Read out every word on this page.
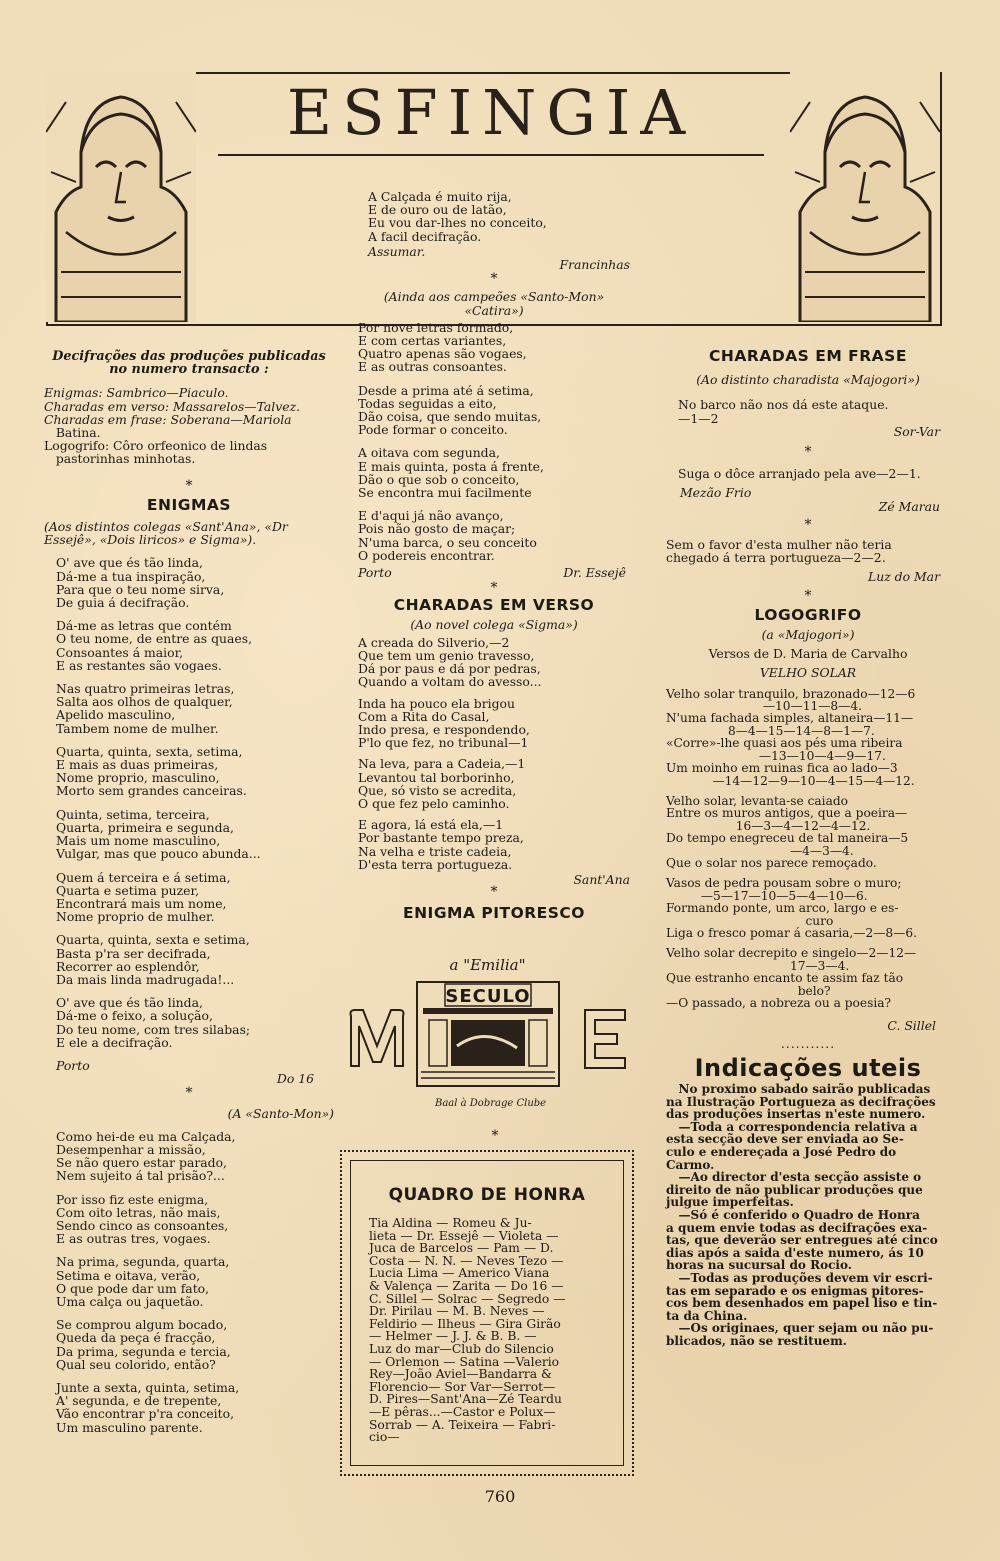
ESFINGIA
Decifrações das produções publicadas
no numero transacto :
Enigmas: Sambrico—Piaculo.
Charadas em verso: Massarelos—Talvez.
Charadas em frase: Soberana—Mariola
Batina.
Logogrifo: Côro orfeonico de lindas
pastorinhas minhotas.
*
ENIGMAS
(Aos distintos colegas «Sant'Ana», «Dr
Essejê», «Dois liricos» e Sigma»).
O' ave que és tão linda,
Dá-me a tua inspiração,
Para que o teu nome sirva,
De guia á decifração.
Dá-me as letras que contém
O teu nome, de entre as quaes,
Consoantes á maior,
E as restantes são vogaes.
Nas quatro primeiras letras,
Salta aos olhos de qualquer,
Apelido masculino,
Tambem nome de mulher.
Quarta, quinta, sexta, setima,
E mais as duas primeiras,
Nome proprio, masculino,
Morto sem grandes canceiras.
Quinta, setima, terceira,
Quarta, primeira e segunda,
Mais um nome masculino,
Vulgar, mas que pouco abunda...
Quem á terceira e á setima,
Quarta e setima puzer,
Encontrará mais um nome,
Nome proprio de mulher.
Quarta, quinta, sexta e setima,
Basta p'ra ser decifrada,
Recorrer ao esplendôr,
Da mais linda madrugada!...
O' ave que és tão linda,
Dá-me o feixo, a solução,
Do teu nome, com tres silabas;
E ele a decifração.
Porto
Do 16
*
(A «Santo-Mon»)
Como hei-de eu ma Calçada,
Desempenhar a missão,
Se não quero estar parado,
Nem sujeito á tal prisão?...
Por isso fiz este enigma,
Com oito letras, não mais,
Sendo cinco as consoantes,
E as outras tres, vogaes.
Na prima, segunda, quarta,
Setima e oitava, verão,
O que pode dar um fato,
Uma calça ou jaquetão.
Se comprou algum bocado,
Queda da peça é fracção,
Da prima, segunda e tercia,
Qual seu colorido, então?
Junte a sexta, quinta, setima,
A' segunda, e de trepente,
Vão encontrar p'ra conceito,
Um masculino parente.
A Calçada é muito rija,
E de ouro ou de latão,
Eu vou dar-lhes no conceito,
A facil decifração.
Assumar.
Francinhas
*
(Ainda aos campeões «Santo-Mon»
«Catira»)
Por nove letras formado,
E com certas variantes,
Quatro apenas são vogaes,
E as outras consoantes.
Desde a prima até á setima,
Todas seguidas a eito,
Dão coisa, que sendo muitas,
Pode formar o conceito.
A oitava com segunda,
E mais quinta, posta á frente,
Dão o que sob o conceito,
Se encontra mui facilmente
E d'aqui já não avanço,
Pois não gosto de maçar;
N'uma barca, o seu conceito
O podereis encontrar.
Porto	Dr. Essejê
*
CHARADAS EM VERSO
(Ao novel colega «Sigma»)
A creada do Silverio,—2
Que tem um genio travesso,
Dá por paus e dá por pedras,
Quando a voltam do avesso...
Inda ha pouco ela brigou
Com a Rita do Casal,
Indo presa, e respondendo,
P'lo que fez, no tribunal—1
Na leva, para a Cadeia,—1
Levantou tal borborinho,
Que, só visto se acredita,
O que fez pelo caminho.
E agora, lá está ela,—1
Por bastante tempo preza,
Na velha e triste cadeia,
D'esta terra portugueza.
Sant'Ana
*
ENIGMA PITORESCO
a "Emilia"
SECULO
Baal à Dobrage Clube
*
QUADRO DE HONRA
Tia Aldina — Romeu & Ju-
lieta — Dr. Essejê — Violeta —
Juca de Barcelos — Pam — D.
Costa — N. N. — Neves Tezo —
Lucia Lima — Americo Viana
& Valença — Zarita — Do 16 —
C. Sillel — Solrac — Segredo —
Dr. Pirilau — M. B. Neves —
Feldirio — Ilheus — Gira Girão
— Helmer — J. J. & B. B. —
Luz do mar—Club do Silencio
— Orlemon — Satina —Valerio
Rey—João Aviel—Bandarra &
Florencio— Sor Var—Serrot—
D. Pires—Sant'Ana—Zé Teardu
—E pêras...—Castor e Polux—
Sorrab — A. Teixeira — Fabri-
cio—
CHARADAS EM FRASE
(Ao distinto charadista «Majogori»)
No barco não nos dá este ataque.
—1—2
Sor-Var
*
Suga o dôce arranjado pela ave—2—1.
Mezão Frio
Zé Marau
*
Sem o favor d'esta mulher não teria
chegado á terra portugueza—2—2.
Luz do Mar
*
LOGOGRIFO
(a «Majogori»)
Versos de D. Maria de Carvalho
VELHO SOLAR
Velho solar tranquilo, brazonado—12—6
—10—11—8—4.
N'uma fachada simples, altaneira—11—
8—4—15—14—8—1—7.
«Corre»-lhe quasi aos pés uma ribeira
—13—10—4—9—17.
Um moinho em ruinas fica ao lado—3
—14—12—9—10—4—15—4—12.
Velho solar, levanta-se caiado
Entre os muros antigos, que a poeira—
16—3—4—12—4—12.
Do tempo enegreceu de tal maneira—5
—4—3—4.
Que o solar nos parece remoçado.
Vasos de pedra pousam sobre o muro;
—5—17—10—5—4—10—6.
Formando ponte, um arco, largo e es-
curo
Liga o fresco pomar á casaria,—2—8—6.
Velho solar decrepito e singelo—2—12—
17—3—4.
Que estranho encanto te assim faz tão
belo?
—O passado, a nobreza ou a poesia?
C. Sillel
...........
Indicações uteis
No proximo sabado sairão publicadas
na Ilustração Portugueza as decifrações
das produções insertas n'este numero.
—Toda a correspondencia relativa a
esta secção deve ser enviada ao Se-
culo e endereçada a José Pedro do
Carmo.
—Ao director d'esta secção assiste o
direito de não publicar produções que
julgue imperfeitas.
—Só é conferido o Quadro de Honra
a quem envie todas as decifrações exa-
tas, que deverão ser entregues até cinco
dias após a saida d'este numero, ás 10
horas na sucursal do Rocio.
—Todas as produções devem vir escri-
tas em separado e os enigmas pitores-
cos bem desenhados em papel liso e tin-
ta da China.
—Os originaes, quer sejam ou não pu-
blicados, não se restituem.
760
